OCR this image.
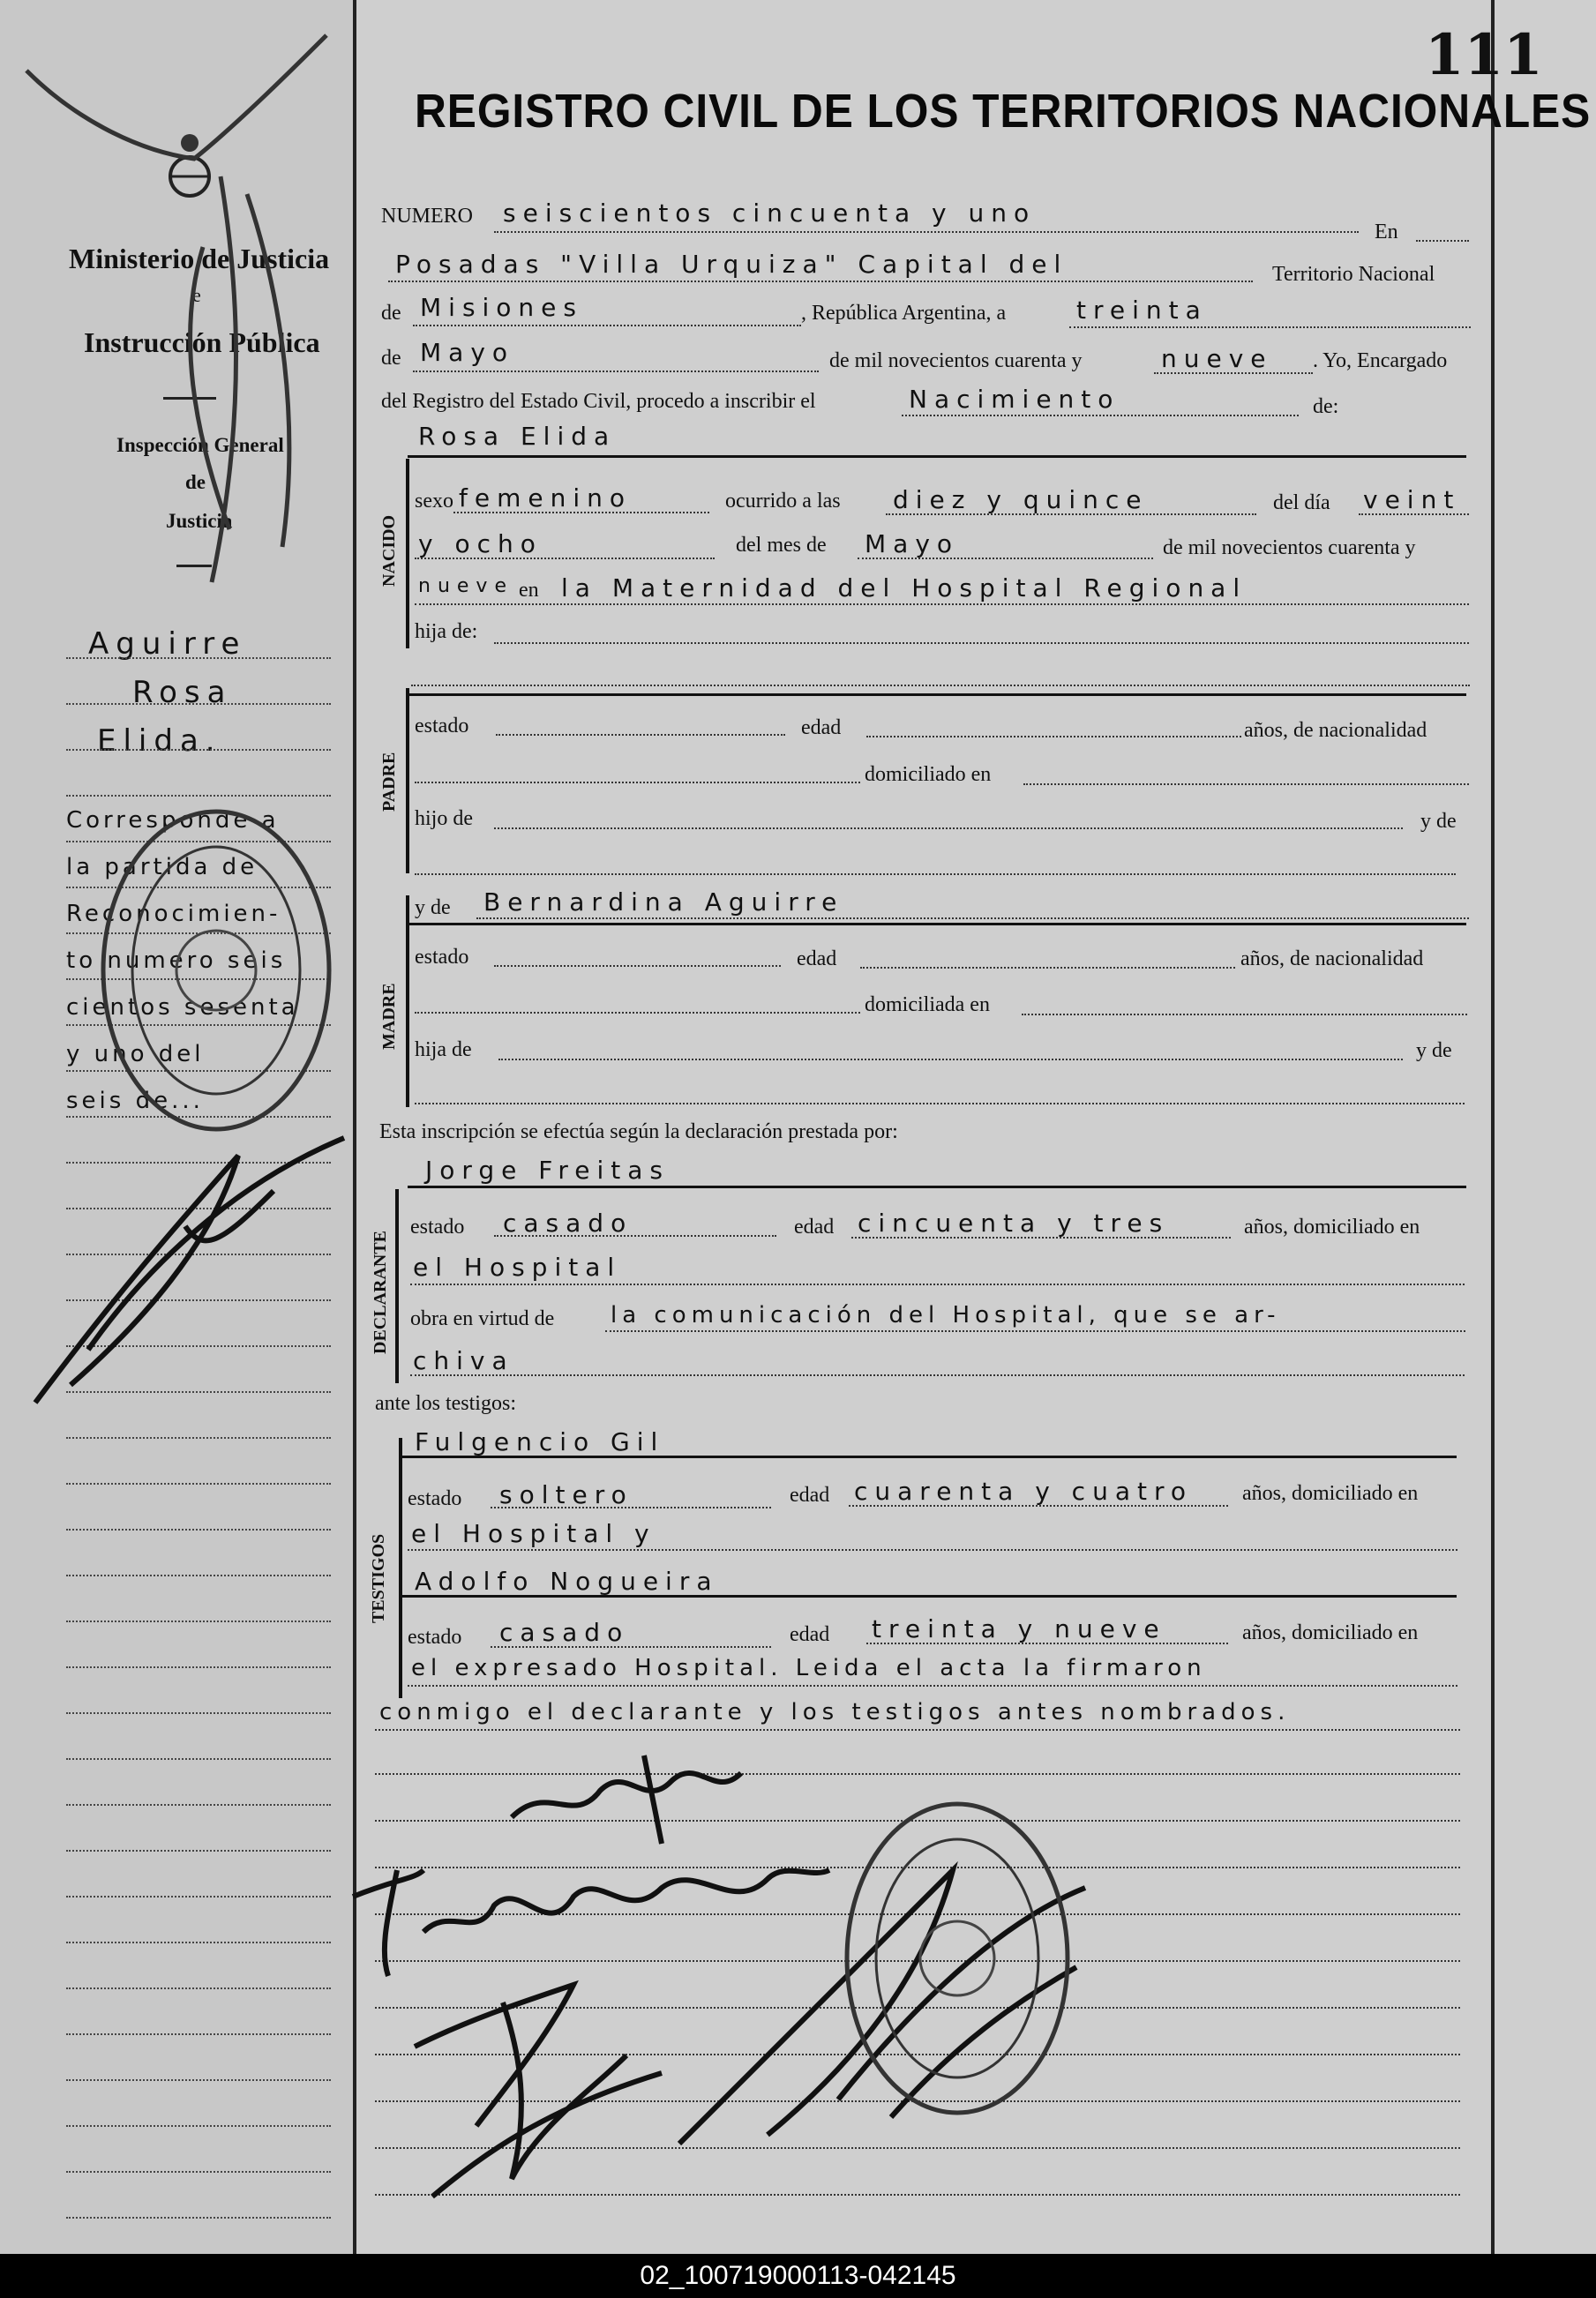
Ministerio de Justicia
e
Instrucción Pública
Inspección General
de
Justicia
Aguirre
Rosa
Elida.
Corresponde a
la partida de
Reconocimien-
to numero seis
cientos sesenta
y uno del
seis de...
111
REGISTRO CIVIL DE LOS TERRITORIOS NACIONALES
NUMERO seiscientos cincuenta y uno
En
Posadas "Villa Urquiza" Capital del	Territorio Nacional
de Misiones	, República Argentina, a	treinta
de Mayo	de mil novecientos cuarenta y	nueve . Yo, Encargado
del Registro del Estado Civil, procedo a inscribir el	Nacimiento	de:
Rosa Elida
NACIDO
sexo femenino	ocurrido a las diez y quince	del día veint
y ocho	del mes de Mayo	de mil novecientos cuarenta y
nueve en la Maternidad del Hospital Regional
hija de:
PADRE
estado	edad	años, de nacionalidad
domiciliado en
hijo de	y de
MADRE
y de Bernardina Aguirre
estado	edad	años, de nacionalidad
domiciliada en
hija de	y de
Esta inscripción se efectúa según la declaración prestada por:
Jorge Freitas
DECLARANTE
estado casado	edad cincuenta y tres	años, domiciliado en
el Hospital
obra en virtud de la comunicación del Hospital, que se ar-
chiva
ante los testigos:
Fulgencio Gil
TESTIGOS
estado soltero	edad cuarenta y cuatro años, domiciliado en
el Hospital y
Adolfo Nogueira
estado casado	edad treinta y nueve	años, domiciliado en
el expresado Hospital. Leida el acta la firmaron
conmigo el declarante y los testigos antes nombrados.
02_100719000113-042145
